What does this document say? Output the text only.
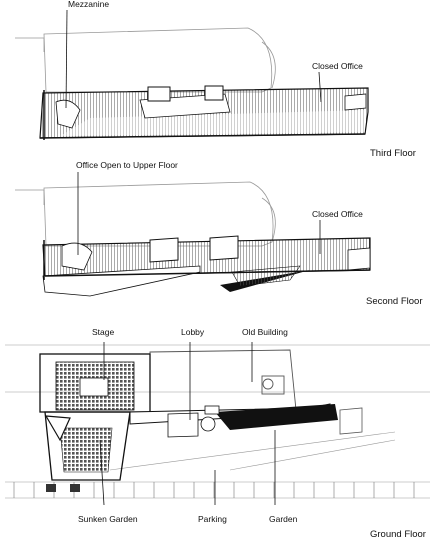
Mezzanine
Closed Office
Third Floor
Office Open to Upper Floor
Closed Office
Second Floor
Stage	Lobby	Old Building
Sunken Garden	Parking	Garden
Ground Floor
